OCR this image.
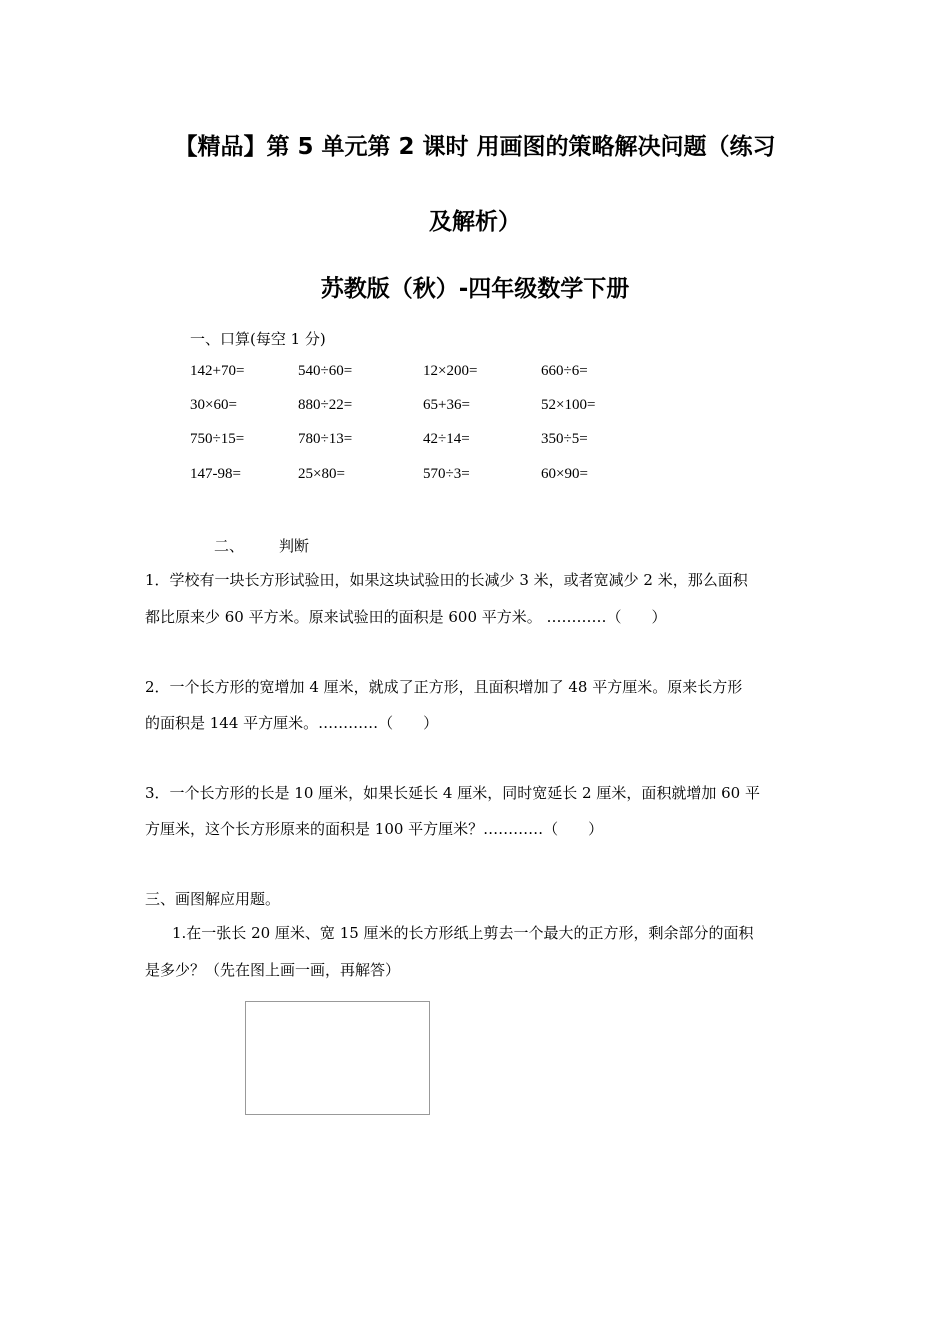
【精品】第 5 单元第 2 课时 用画图的策略解决问题（练习
及解析）
苏教版（秋）-四年级数学下册
一、口算(每空 1 分)
142+70=	540÷60=	12×200=	660÷6=
30×60=	880÷22=	65+36=	52×100=
750÷15=	780÷13=	42÷14=	350÷5=
147-98=	25×80=	570÷3=	60×90=
二、 判断
1．学校有一块长方形试验田，如果这块试验田的长减少 3 米，或者宽减少 2 米，那么面积
都比原来少 60 平方米。原来试验田的面积是 600 平方米。 …………（　　）
2．一个长方形的宽增加 4 厘米，就成了正方形，且面积增加了 48 平方厘米。原来长方形
的面积是 144 平方厘米。…………（　　）
3．一个长方形的长是 10 厘米，如果长延长 4 厘米，同时宽延长 2 厘米，面积就增加 60 平
方厘米，这个长方形原来的面积是 100 平方厘米？…………（　　）
三、画图解应用题。
1.在一张长 20 厘米、宽 15 厘米的长方形纸上剪去一个最大的正方形，剩余部分的面积
是多少？（先在图上画一画，再解答）
